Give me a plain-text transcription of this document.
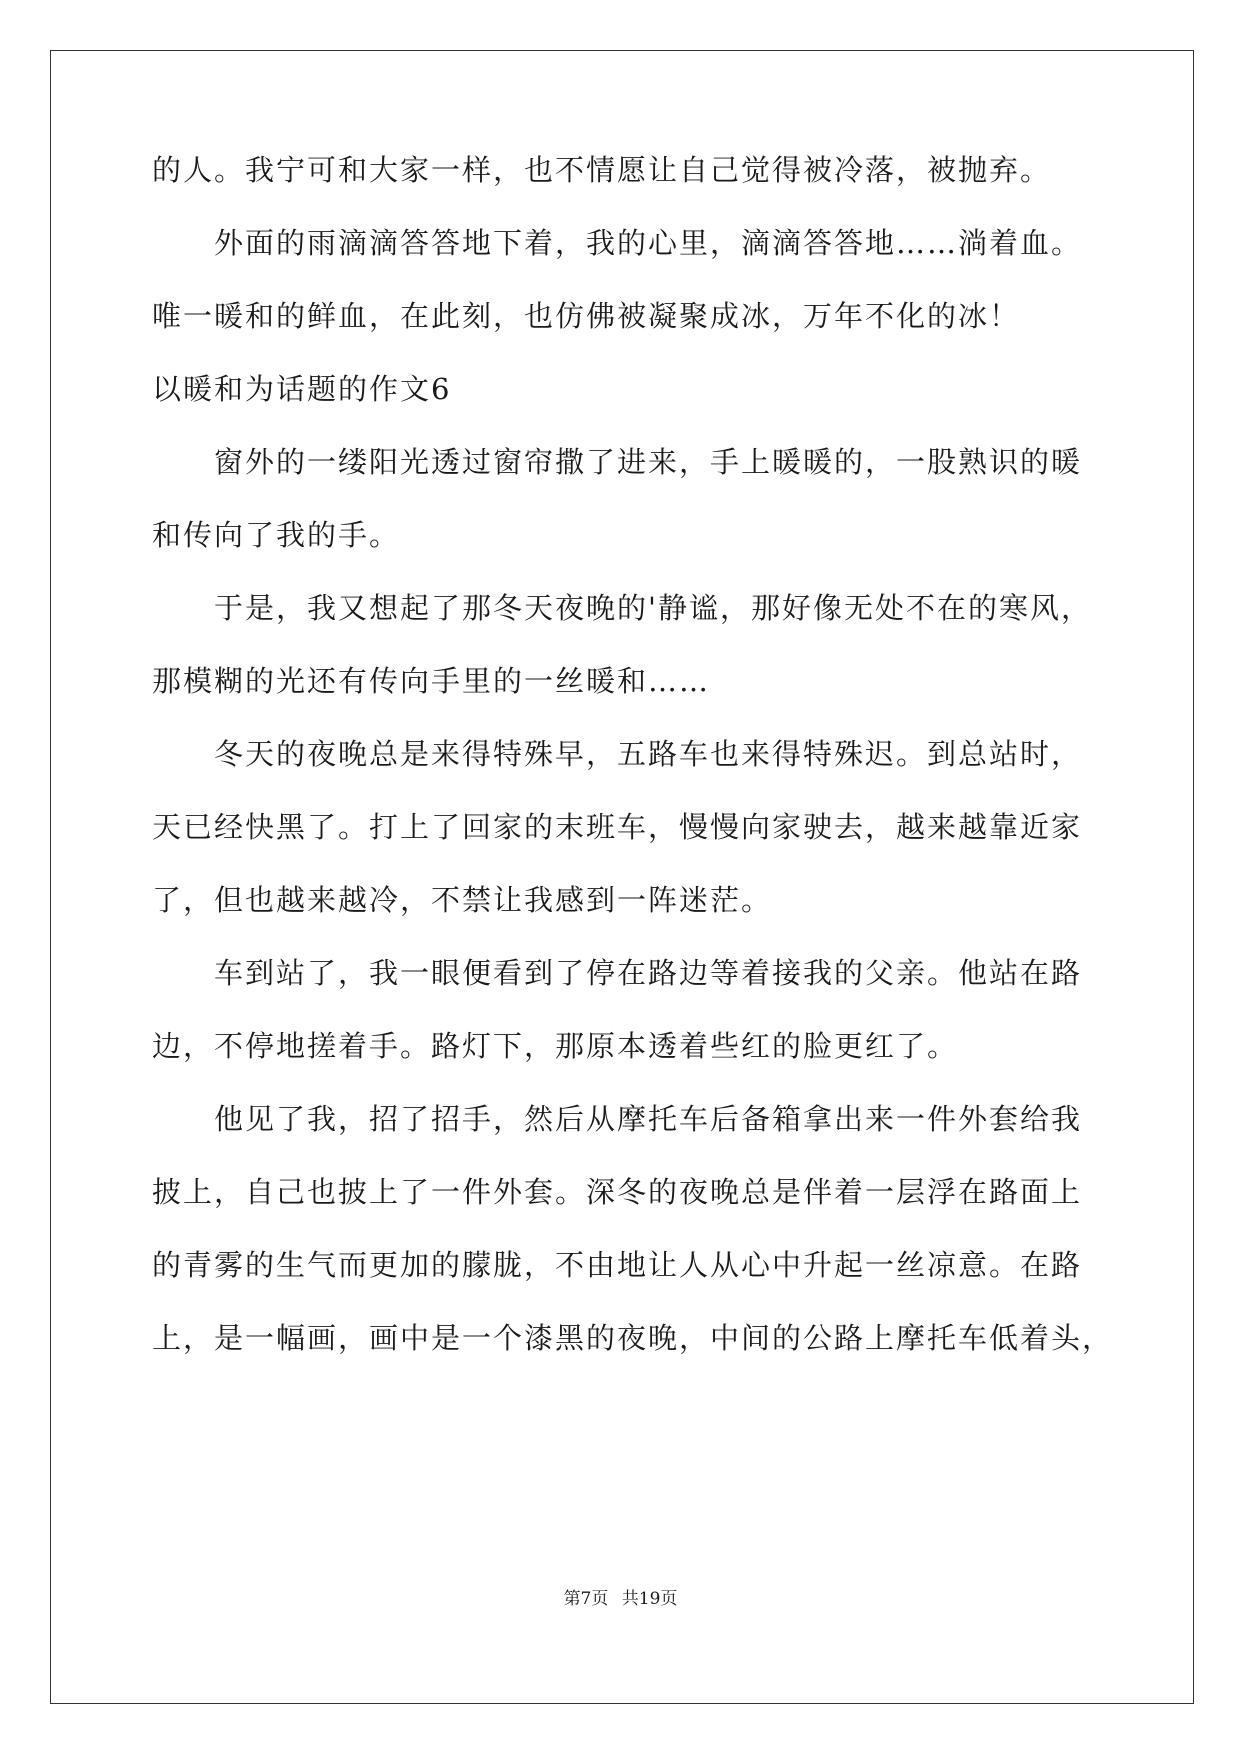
的人。我宁可和大家一样，也不情愿让自己觉得被冷落，被抛弃。
外面的雨滴滴答答地下着，我的心里，滴滴答答地……淌着血。
唯一暖和的鲜血，在此刻，也仿佛被凝聚成冰，万年不化的冰！
以暖和为话题的作文6
窗外的一缕阳光透过窗帘撒了进来，手上暖暖的，一股熟识的暖
和传向了我的手。
于是，我又想起了那冬天夜晚的'静谧，那好像无处不在的寒风，
那模糊的光还有传向手里的一丝暖和……
冬天的夜晚总是来得特殊早，五路车也来得特殊迟。到总站时，
天已经快黑了。打上了回家的末班车，慢慢向家驶去，越来越靠近家
了，但也越来越冷，不禁让我感到一阵迷茫。
车到站了，我一眼便看到了停在路边等着接我的父亲。他站在路
边，不停地搓着手。路灯下，那原本透着些红的脸更红了。
他见了我，招了招手，然后从摩托车后备箱拿出来一件外套给我
披上，自己也披上了一件外套。深冬的夜晚总是伴着一层浮在路面上
的青雾的生气而更加的朦胧，不由地让人从心中升起一丝凉意。在路
上，是一幅画，画中是一个漆黑的夜晚，中间的公路上摩托车低着头，
第7页 共19页
